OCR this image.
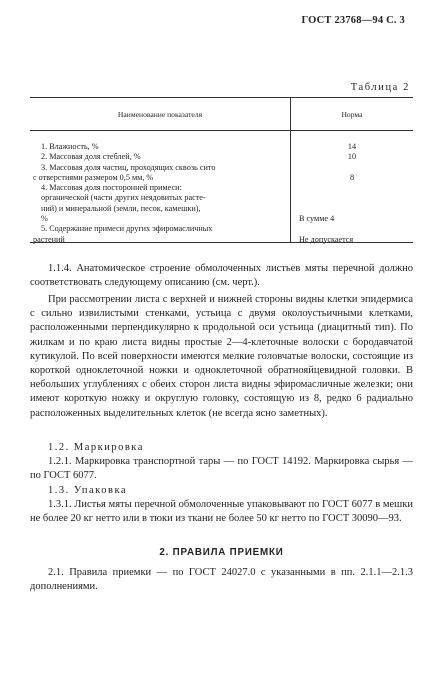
ГОСТ 23768—94 С. 3
Таблица 2
Наименование показателя	Норма
1. Влажность, %
2. Массовая доля стеблей, %
3. Массовая доля частиц, проходящих сквозь сито
с отверстиями размером 0,5 мм, %
4. Массовая доля посторонней примеси:
органической (части других неядовитых расте-
ний) и минеральной (земли, песок, камешки),
%
5. Содержание примеси других эфиромасличных
растений
14
10

8

В сумме 4

Не допускается

1.1.4. Анатомическое строение обмолоченных листьев мяты перечной должно соответствовать следующему описанию (см. черт.).

При рассмотрении листа с верхней и нижней стороны видны клетки эпидермиса с сильно извилистыми стенками, устьица с двумя околоустьичными клетками, расположенными перпендикулярно к продольной оси устьица (диацитный тип). По жилкам и по краю листа видны простые 2—4-клеточные волоски с бородавчатой кутикулой. По всей поверхности имеются мелкие головчатые волоски, состоящие из короткой одноклеточной ножки и одноклеточной обратнояйцевидной головки. В небольших углублениях с обеих сторон листа видны эфиромасличные железки; они имеют короткую ножку и округлую головку, состоящую из 8, редко 6 радиально расположенных выделительных клеток (не всегда ясно заметных).

1.2. Маркировка

1.2.1. Маркировка транспортной тары — по ГОСТ 14192. Маркировка сырья — по ГОСТ 6077.

1.3. Упаковка

1.3.1. Листья мяты перечной обмолоченные упаковывают по ГОСТ 6077 в мешки не более 20 кг нетто или в тюки из ткани не более 50 кг нетто по ГОСТ 30090—93.

2. ПРАВИЛА ПРИЕМКИ

2.1. Правила приемки — по ГОСТ 24027.0 с указанными в пп. 2.1.1—2.1.3 дополнениями.
